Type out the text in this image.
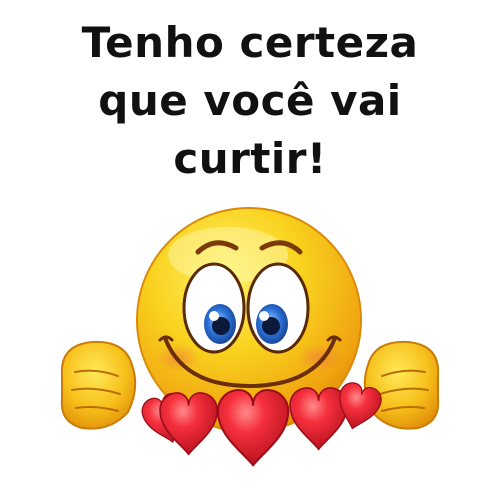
Tenho certeza
que você vai
curtir!
